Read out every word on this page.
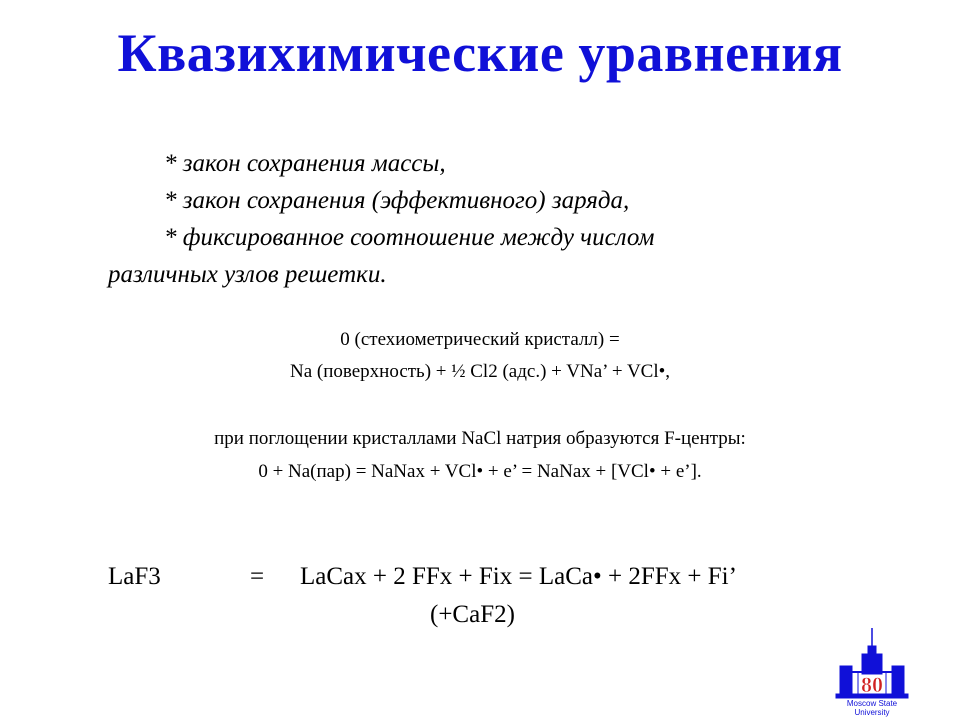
Квазихимические уравнения
* закон сохранения массы,
* закон сохранения (эффективного) заряда,
* фиксированное соотношение между числом
различных узлов решетки.
0 (стехиометрический кристалл) =
Na (поверхность) + ½ Cl2 (адс.) + VNa’ + VCl•,
при поглощении кристаллами NaCl натрия образуются F-центры:
0 + Na(пар) = NaNax + VCl• + e’ = NaNax + [VCl• + e’].
LaF3	= LaCax + 2 FFx + Fix = LaCa• + 2FFx + Fi’
(+CaF2)
80
Moscow State
University
